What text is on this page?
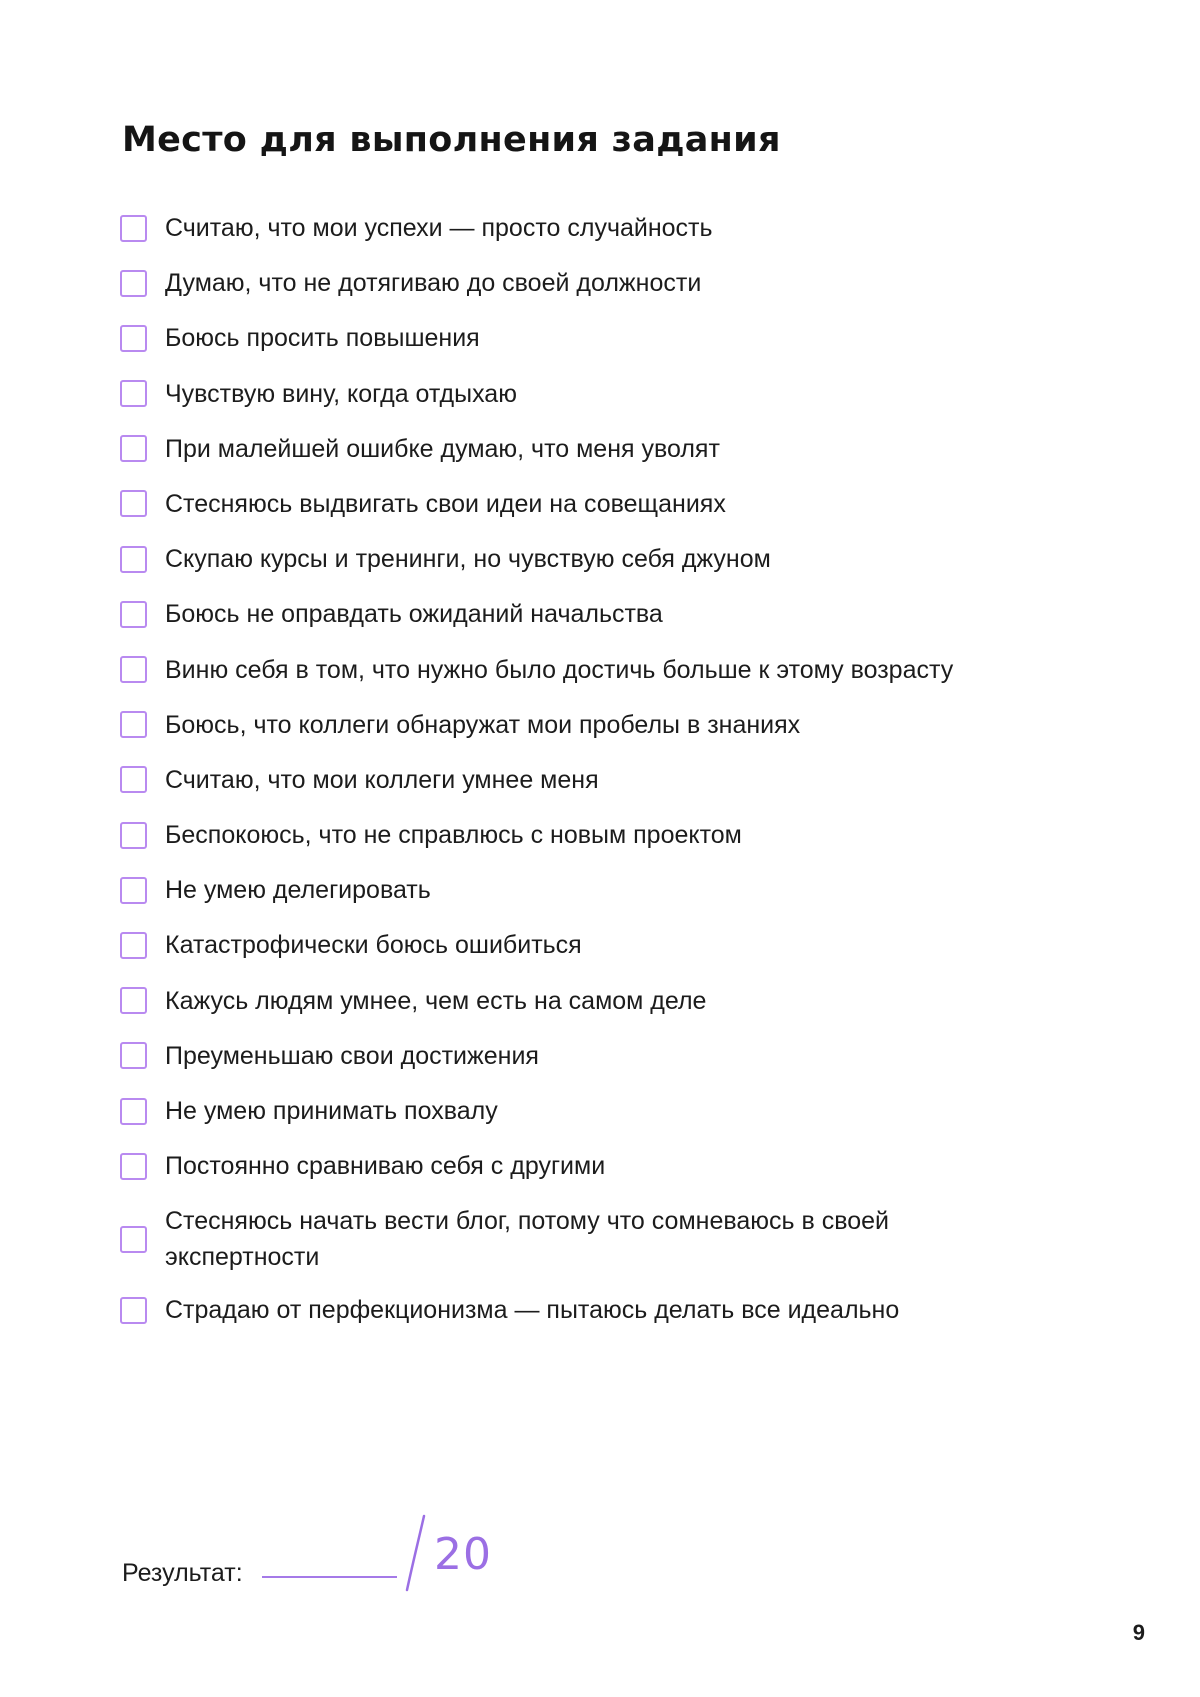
Место для выполнения задания
Считаю, что мои успехи — просто случайность
Думаю, что не дотягиваю до своей должности
Боюсь просить повышения
Чувствую вину, когда отдыхаю
При малейшей ошибке думаю, что меня уволят
Стесняюсь выдвигать свои идеи на совещаниях
Скупаю курсы и тренинги, но чувствую себя джуном
Боюсь не оправдать ожиданий начальства
Виню себя в том, что нужно было достичь больше к этому возрасту
Боюсь, что коллеги обнаружат мои пробелы в знаниях
Считаю, что мои коллеги умнее меня
Беспокоюсь, что не справлюсь с новым проектом
Не умею делегировать
Катастрофически боюсь ошибиться
Кажусь людям умнее, чем есть на самом деле
Преуменьшаю свои достижения
Не умею принимать похвалу
Постоянно сравниваю себя с другими
Стесняюсь начать вести блог, потому что сомневаюсь в своей экспертности
Страдаю от перфекционизма — пытаюсь делать все идеально
Результат:	20
9
